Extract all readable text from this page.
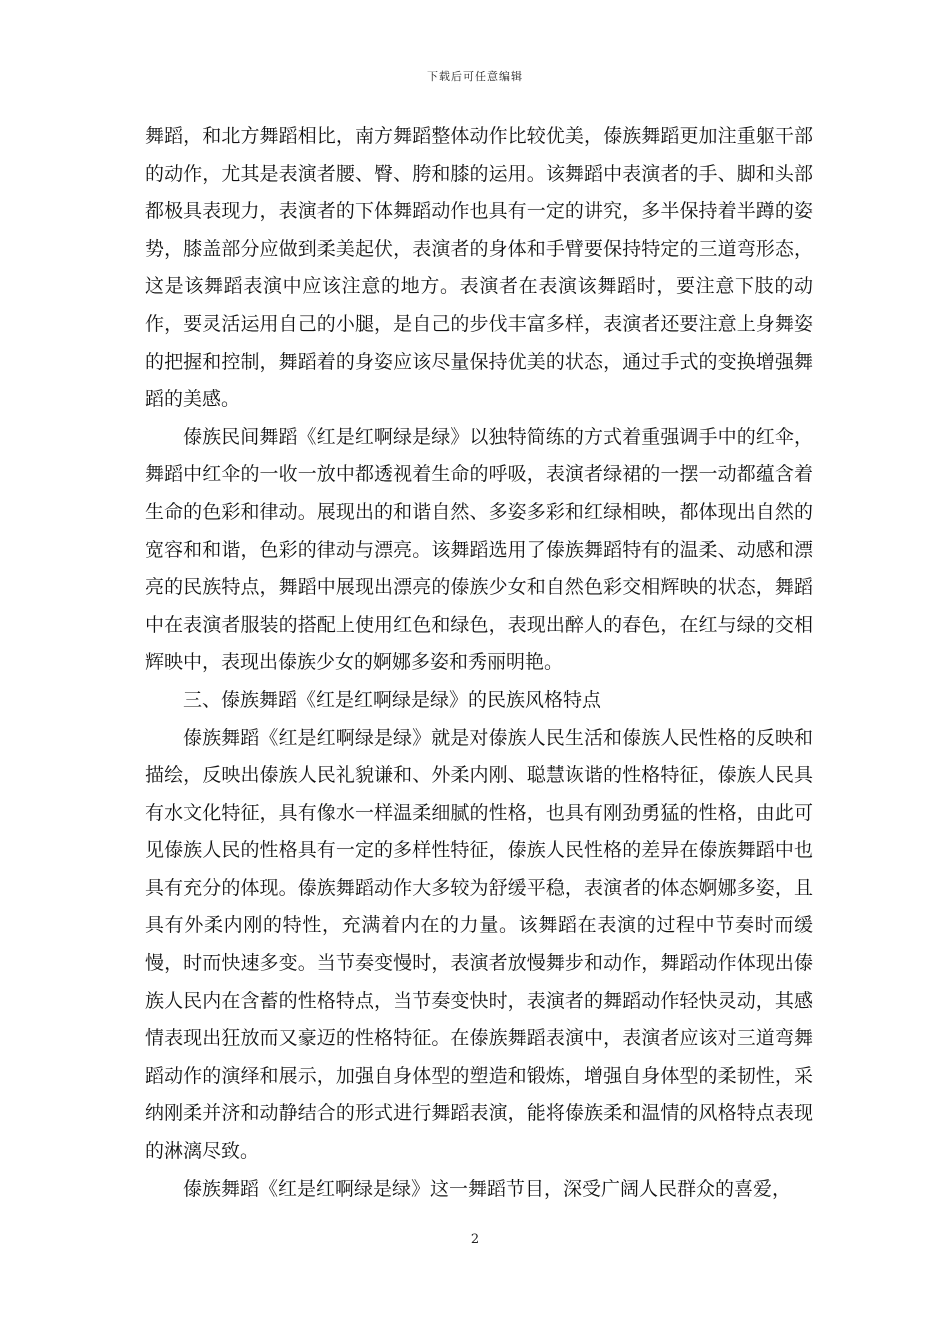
下载后可任意编辑

舞蹈，和北方舞蹈相比，南方舞蹈整体动作比较优美，傣族舞蹈更加注重躯干部的动作，尤其是表演者腰、臀、胯和膝的运用。该舞蹈中表演者的手、脚和头部都极具表现力，表演者的下体舞蹈动作也具有一定的讲究，多半保持着半蹲的姿势，膝盖部分应做到柔美起伏，表演者的身体和手臂要保持特定的三道弯形态，这是该舞蹈表演中应该注意的地方。表演者在表演该舞蹈时，要注意下肢的动作，要灵活运用自己的小腿，是自己的步伐丰富多样，表演者还要注意上身舞姿的把握和控制，舞蹈着的身姿应该尽量保持优美的状态，通过手式的变换增强舞蹈的美感。

傣族民间舞蹈《红是红啊绿是绿》以独特简练的方式着重强调手中的红伞，舞蹈中红伞的一收一放中都透视着生命的呼吸，表演者绿裙的一摆一动都蕴含着生命的色彩和律动。展现出的和谐自然、多姿多彩和红绿相映，都体现出自然的宽容和和谐，色彩的律动与漂亮。该舞蹈选用了傣族舞蹈特有的温柔、动感和漂亮的民族特点，舞蹈中展现出漂亮的傣族少女和自然色彩交相辉映的状态，舞蹈中在表演者服装的搭配上使用红色和绿色，表现出醉人的春色，在红与绿的交相辉映中，表现出傣族少女的婀娜多姿和秀丽明艳。

三、傣族舞蹈《红是红啊绿是绿》的民族风格特点

傣族舞蹈《红是红啊绿是绿》就是对傣族人民生活和傣族人民性格的反映和描绘，反映出傣族人民礼貌谦和、外柔内刚、聪慧诙谐的性格特征，傣族人民具有水文化特征，具有像水一样温柔细腻的性格，也具有刚劲勇猛的性格，由此可见傣族人民的性格具有一定的多样性特征，傣族人民性格的差异在傣族舞蹈中也具有充分的体现。傣族舞蹈动作大多较为舒缓平稳，表演者的体态婀娜多姿，且具有外柔内刚的特性，充满着内在的力量。该舞蹈在表演的过程中节奏时而缓慢，时而快速多变。当节奏变慢时，表演者放慢舞步和动作，舞蹈动作体现出傣族人民内在含蓄的性格特点，当节奏变快时，表演者的舞蹈动作轻快灵动，其感情表现出狂放而又豪迈的性格特征。在傣族舞蹈表演中，表演者应该对三道弯舞蹈动作的演绎和展示，加强自身体型的塑造和锻炼，增强自身体型的柔韧性，采纳刚柔并济和动静结合的形式进行舞蹈表演，能将傣族柔和温情的风格特点表现的淋漓尽致。

傣族舞蹈《红是红啊绿是绿》这一舞蹈节目，深受广阔人民群众的喜爱，

2
